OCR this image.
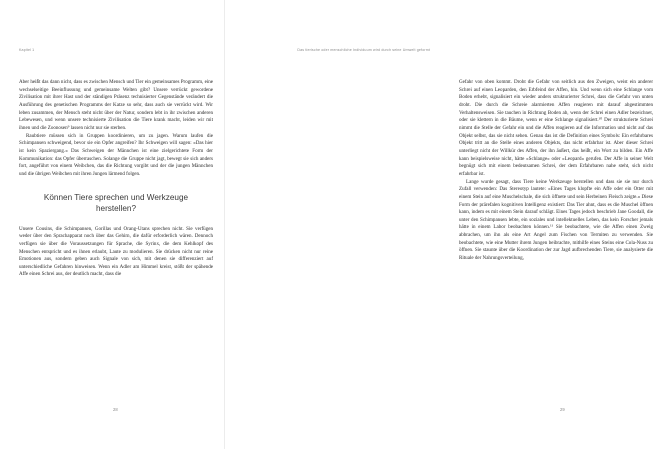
Kapitel 1

Aber heißt das dann nicht, dass es zwischen Mensch und Tier ein gemeinsames Programm, eine wechselseitige Beeinflussung und gemeinsame Welten gibt? Unsere verrückt gewordene Zivilisation mit ihrer Hast und der ständigen Präsenz technisierter Gegenstände verändert die Ausführung des genetischen Programms der Katze so sehr, dass auch sie verrückt wird. Wir leben zusammen, der Mensch steht nicht über der Natur, sondern lebt in ihr zwischen anderen Lebewesen, und wenn unsere technisierte Zivilisation die Tiere krank macht, leiden wir mit ihnen und die Zoonosen⁹ lassen nicht nur sie sterben.

Raubtiere müssen sich in Gruppen koordinieren, um zu jagen. Warum laufen die Schimpansen schweigend, bevor sie ein Opfer angreifen? Ihr Schweigen will sagen: »Das hier ist kein Spaziergang.« Das Schweigen der Männchen ist eine zielgerichtete Form der Kommunikation: das Opfer überraschen. Solange die Gruppe nicht jagt, bewegt sie sich anders fort, angeführt von einem Weibchen, das die Richtung vorgibt und der die jungen Männchen und die übrigen Weibchen mit ihren Jungen lärmend folgen.

Können Tiere sprechen und Werkzeuge herstellen?

Unsere Cousins, die Schimpansen, Gorillas und Orang-Utans sprechen nicht. Sie verfügen weder über den Sprachapparat noch über das Gehirn, die dafür erforderlich wären. Dennoch verfügen sie über die Voraussetzungen für Sprache, die Syrinx, die dem Kehlkopf des Menschen entspricht und es ihnen erlaubt, Laute zu modulieren. Sie drücken nicht nur reine Emotionen aus, sondern geben auch Signale von sich, mit denen sie differenziert auf unterschiedliche Gefahren hinweisen. Wenn ein Adler am Himmel kreist, stößt der spähende Affe einen Schrei aus, der deutlich macht, dass die

28
Das tierische oder menschliche Individuum wird durch seine Umwelt geformt

Gefahr von oben kommt. Droht die Gefahr von seitlich aus den Zweigen, weist ein anderer Schrei auf einen Leoparden, den Erbfeind der Affen, hin. Und wenn sich eine Schlange vom Boden erhebt, signalisiert ein wieder anders strukturierter Schrei, dass die Gefahr von unten droht. Die durch die Schreie alarmierten Affen reagieren mit darauf abgestimmten Verhaltensweisen. Sie tauchen in Richtung Boden ab, wenn der Schrei einen Adler bezeichnet, oder sie klettern in die Bäume, wenn er eine Schlange signalisiert.¹⁰ Der strukturierte Schrei nimmt die Stelle der Gefahr ein und die Affen reagieren auf die Information und nicht auf das Objekt selbst, das sie nicht sehen. Genau das ist die Definition eines Symbols: Ein erfahrbares Objekt tritt an die Stelle eines anderen Objekts, das nicht erfahrbar ist. Aber dieser Schrei unterliegt nicht der Willkür des Affen, der ihn äußert, das heißt, ein Wort zu bilden. Ein Affe kann beispielsweise nicht, hätte »Schlange« oder »Leopard« gerufen. Der Affe in seiner Welt begnügt sich mit einem bedeutsamen Schrei, der dem Erfahrbaren nahe steht, sich nicht erfahrbar ist.

Lange wurde gesagt, dass Tiere keine Werkzeuge herstellen und dass sie sie nur durch Zufall verwenden: Das Stereotyp lautete: »Eines Tages klopfte ein Affe oder ein Otter mit einem Stein auf eine Muschelschale, die sich öffnete und sein Herbeinen Fleisch zeigte.« Diese Form der prärefalen kognitiven Intelligenz existiert: Das Tier ahnt, dass es die Muschel öffnen kann, indem es mit einem Stein darauf schlägt. Eines Tages jedoch beschrieb Jane Goodall, die unter den Schimpansen lebte, ein soziales und intellektuelles Leben, das kein Forscher jemals hätte in einem Labor beobachten können.¹¹ Sie beobachtete, wie die Affen einen Zweig abbrachen, um ihn als eine Art Angel zum Fischen von Termiten zu verwenden. Sie beobachtete, wie eine Mutter ihrem Jungen beibrachte, mithilfe eines Steins eine Cola-Nuss zu öffnen. Sie staunte über die Koordination der zur Jagd aufbrechenden Tiere, sie analysierte die Rituale der Nahrungsverteilung,

29
